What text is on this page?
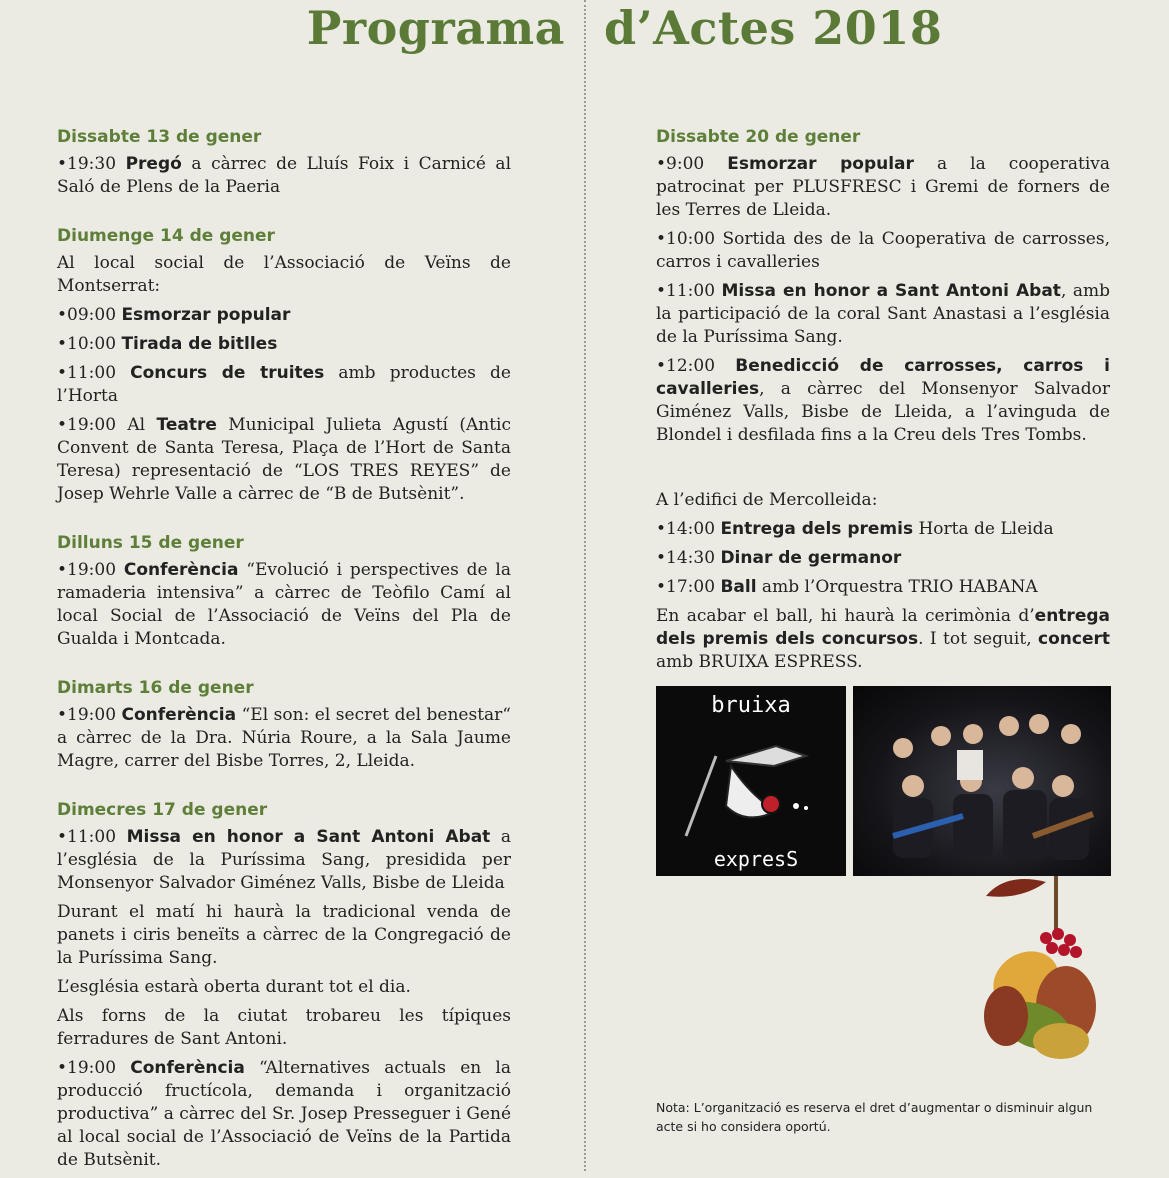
Programa d’Actes 2018
Dissabte 13 de gener

•19:30 Pregó a càrrec de Lluís Foix i Carnicé al Saló de Plens de la Paeria

Diumenge 14 de gener

Al local social de l’Associació de Veïns de Montserrat:

•09:00 Esmorzar popular

•10:00 Tirada de bitlles

•11:00 Concurs de truites amb productes de l’Horta

•19:00 Al Teatre Municipal Julieta Agustí (Antic Convent de Santa Teresa, Plaça de l’Hort de Santa Teresa) representació de “LOS TRES REYES” de Josep Wehrle Valle a càrrec de “B de Butsènit”.

Dilluns 15 de gener

•19:00 Conferència “Evolució i perspectives de la ramaderia intensiva” a càrrec de Teòfilo Camí al local Social de l’Associació de Veïns del Pla de Gualda i Montcada.

Dimarts 16 de gener

•19:00 Conferència “El son: el secret del benestar“ a càrrec de la Dra. Núria Roure, a la Sala Jaume Magre, carrer del Bisbe Torres, 2, Lleida.

Dimecres 17 de gener

•11:00 Missa en honor a Sant Antoni Abat a l’església de la Puríssima Sang, presidida per Monsenyor Salvador Giménez Valls, Bisbe de Lleida

Durant el matí hi haurà la tradicional venda de panets i ciris beneïts a càrrec de la Congregació de la Puríssima Sang.

L’església estarà oberta durant tot el dia.

Als forns de la ciutat trobareu les típiques ferradures de Sant Antoni.

•19:00 Conferència “Alternatives actuals en la producció fructícola, demanda i organització productiva” a càrrec del Sr. Josep Presseguer i Gené al local social de l’Associació de Veïns de la Partida de Butsènit.

Dissabte 20 de gener

•9:00 Esmorzar popular a la cooperativa patrocinat per PLUSFRESC i Gremi de forners de les Terres de Lleida.

•10:00 Sortida des de la Cooperativa de carrosses, carros i cavalleries

•11:00 Missa en honor a Sant Antoni Abat, amb la participació de la coral Sant Anastasi a l’església de la Puríssima Sang.

•12:00 Benedicció de carrosses, carros i cavalleries, a càrrec del Monsenyor Salvador Giménez Valls, Bisbe de Lleida, a l’avinguda de Blondel i desfilada fins a la Creu dels Tres Tombs.

A l’edifici de Mercolleida:

•14:00 Entrega dels premis Horta de Lleida

•14:30 Dinar de germanor

•17:00 Ball amb l’Orquestra TRIO HABANA

En acabar el ball, hi haurà la cerimònia d’entrega dels premis dels concursos. I tot seguit, concert amb BRUIXA ESPRESS.

bruixa
expresS
Nota: L’organització es reserva el dret d’augmentar o disminuir algun acte si ho considera oportú.
